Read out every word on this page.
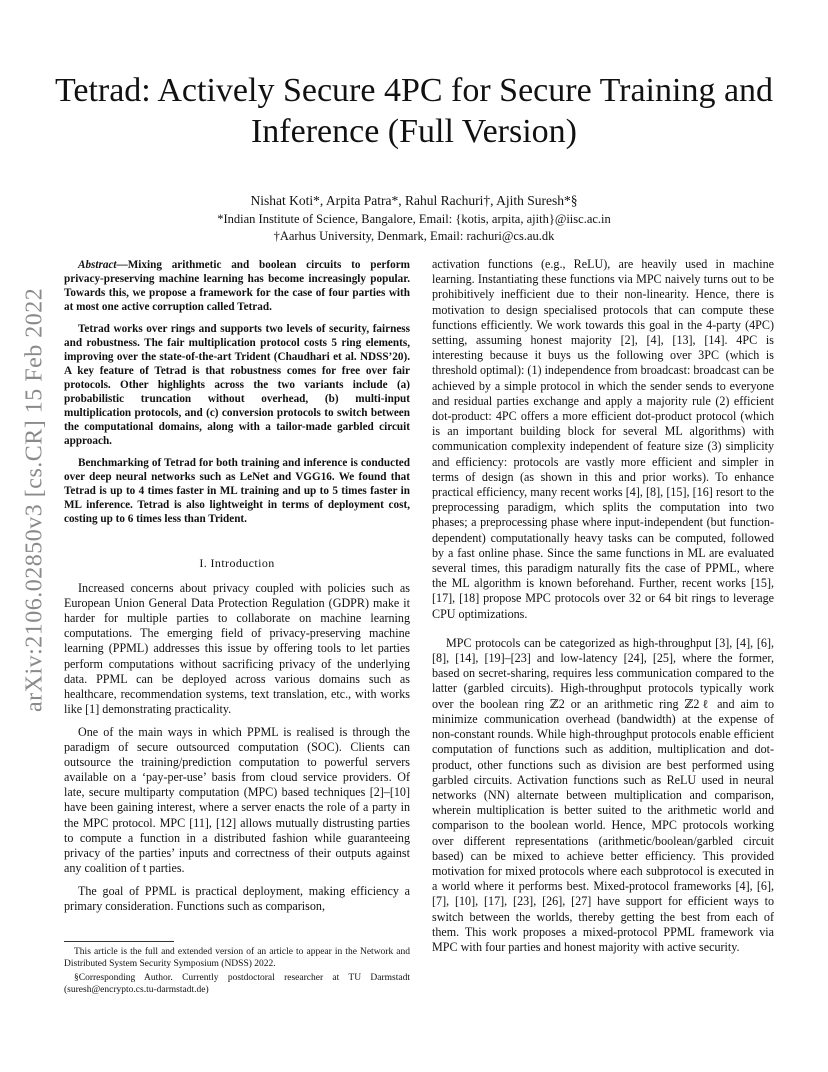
arXiv:2106.02850v3 [cs.CR] 15 Feb 2022
Tetrad: Actively Secure 4PC for Secure Training and Inference (Full Version)
Nishat Koti*, Arpita Patra*, Rahul Rachuri†, Ajith Suresh*§
*Indian Institute of Science, Bangalore, Email: {kotis, arpita, ajith}@iisc.ac.in
†Aarhus University, Denmark, Email: rachuri@cs.au.dk

Abstract—Mixing arithmetic and boolean circuits to perform privacy-preserving machine learning has become increasingly popular. Towards this, we propose a framework for the case of four parties with at most one active corruption called Tetrad.

Tetrad works over rings and supports two levels of security, fairness and robustness. The fair multiplication protocol costs 5 ring elements, improving over the state-of-the-art Trident (Chaudhari et al. NDSS’20). A key feature of Tetrad is that robustness comes for free over fair protocols. Other highlights across the two variants include (a) probabilistic truncation without overhead, (b) multi-input multiplication protocols, and (c) conversion protocols to switch between the computational domains, along with a tailor-made garbled circuit approach.

Benchmarking of Tetrad for both training and inference is conducted over deep neural networks such as LeNet and VGG16. We found that Tetrad is up to 4 times faster in ML training and up to 5 times faster in ML inference. Tetrad is also lightweight in terms of deployment cost, costing up to 6 times less than Trident.

I. Introduction

Increased concerns about privacy coupled with policies such as European Union General Data Protection Regulation (GDPR) make it harder for multiple parties to collaborate on machine learning computations. The emerging field of privacy-preserving machine learning (PPML) addresses this issue by offering tools to let parties perform computations without sacrificing privacy of the underlying data. PPML can be deployed across various domains such as healthcare, recommendation systems, text translation, etc., with works like [1] demonstrating practicality.

One of the main ways in which PPML is realised is through the paradigm of secure outsourced computation (SOC). Clients can outsource the training/prediction computation to powerful servers available on a ‘pay-per-use’ basis from cloud service providers. Of late, secure multiparty computation (MPC) based techniques [2]–[10] have been gaining interest, where a server enacts the role of a party in the MPC protocol. MPC [11], [12] allows mutually distrusting parties to compute a function in a distributed fashion while guaranteeing privacy of the parties’ inputs and correctness of their outputs against any coalition of t parties.

The goal of PPML is practical deployment, making efficiency a primary consideration. Functions such as comparison,

This article is the full and extended version of an article to appear in the Network and Distributed System Security Symposium (NDSS) 2022.

§Corresponding Author. Currently postdoctoral researcher at TU Darmstadt (suresh@encrypto.cs.tu-darmstadt.de)

activation functions (e.g., ReLU), are heavily used in machine learning. Instantiating these functions via MPC naively turns out to be prohibitively inefficient due to their non-linearity. Hence, there is motivation to design specialised protocols that can compute these functions efficiently. We work towards this goal in the 4-party (4PC) setting, assuming honest majority [2], [4], [13], [14]. 4PC is interesting because it buys us the following over 3PC (which is threshold optimal): (1) independence from broadcast: broadcast can be achieved by a simple protocol in which the sender sends to everyone and residual parties exchange and apply a majority rule (2) efficient dot-product: 4PC offers a more efficient dot-product protocol (which is an important building block for several ML algorithms) with communication complexity independent of feature size (3) simplicity and efficiency: protocols are vastly more efficient and simpler in terms of design (as shown in this and prior works). To enhance practical efficiency, many recent works [4], [8], [15], [16] resort to the preprocessing paradigm, which splits the computation into two phases; a preprocessing phase where input-independent (but function-dependent) computationally heavy tasks can be computed, followed by a fast online phase. Since the same functions in ML are evaluated several times, this paradigm naturally fits the case of PPML, where the ML algorithm is known beforehand. Further, recent works [15], [17], [18] propose MPC protocols over 32 or 64 bit rings to leverage CPU optimizations.

MPC protocols can be categorized as high-throughput [3], [4], [6], [8], [14], [19]–[23] and low-latency [24], [25], where the former, based on secret-sharing, requires less communication compared to the latter (garbled circuits). High-throughput protocols typically work over the boolean ring ℤ2 or an arithmetic ring ℤ2ℓ and aim to minimize communication overhead (bandwidth) at the expense of non-constant rounds. While high-throughput protocols enable efficient computation of functions such as addition, multiplication and dot-product, other functions such as division are best performed using garbled circuits. Activation functions such as ReLU used in neural networks (NN) alternate between multiplication and comparison, wherein multiplication is better suited to the arithmetic world and comparison to the boolean world. Hence, MPC protocols working over different representations (arithmetic/boolean/garbled circuit based) can be mixed to achieve better efficiency. This provided motivation for mixed protocols where each subprotocol is executed in a world where it performs best. Mixed-protocol frameworks [4], [6], [7], [10], [17], [23], [26], [27] have support for efficient ways to switch between the worlds, thereby getting the best from each of them. This work proposes a mixed-protocol PPML framework via MPC with four parties and honest majority with active security.
